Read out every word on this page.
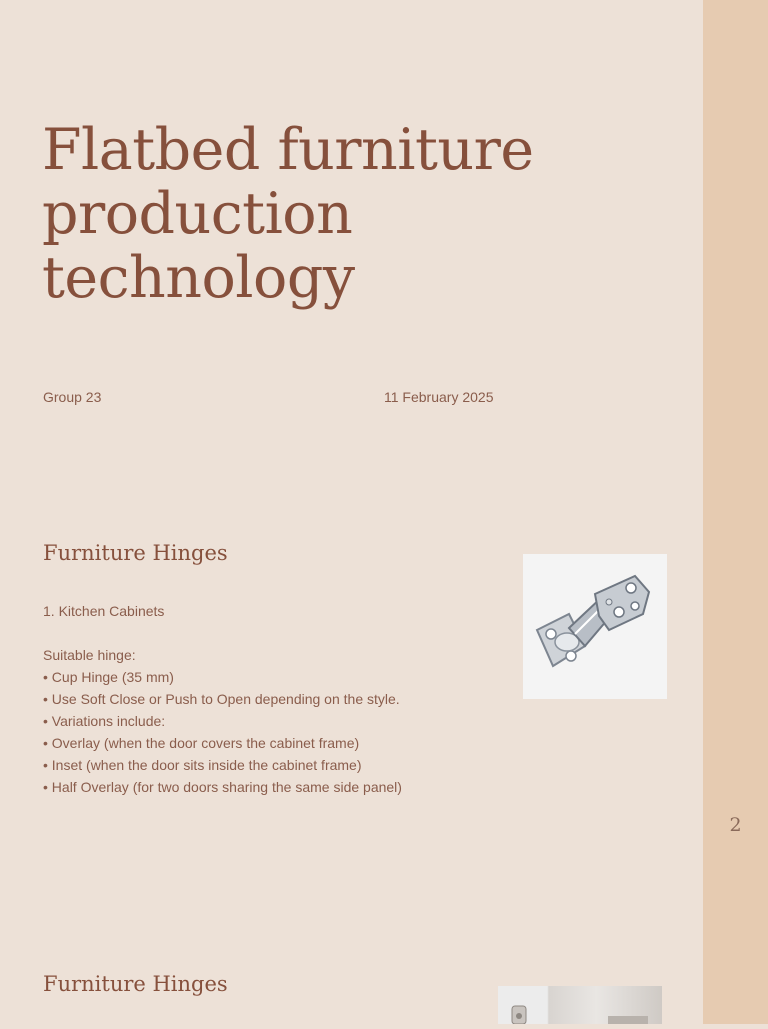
2
Flatbed furniture
production
technology
Group 23	11 February 2025
Furniture Hinges

1. Kitchen Cabinets

Suitable hinge:

• Cup Hinge (35 mm)

• Use Soft Close or Push to Open depending on the style.

• Variations include:

• Overlay (when the door covers the cabinet frame)

• Inset (when the door sits inside the cabinet frame)

• Half Overlay (for two doors sharing the same side panel)

Furniture Hinges
